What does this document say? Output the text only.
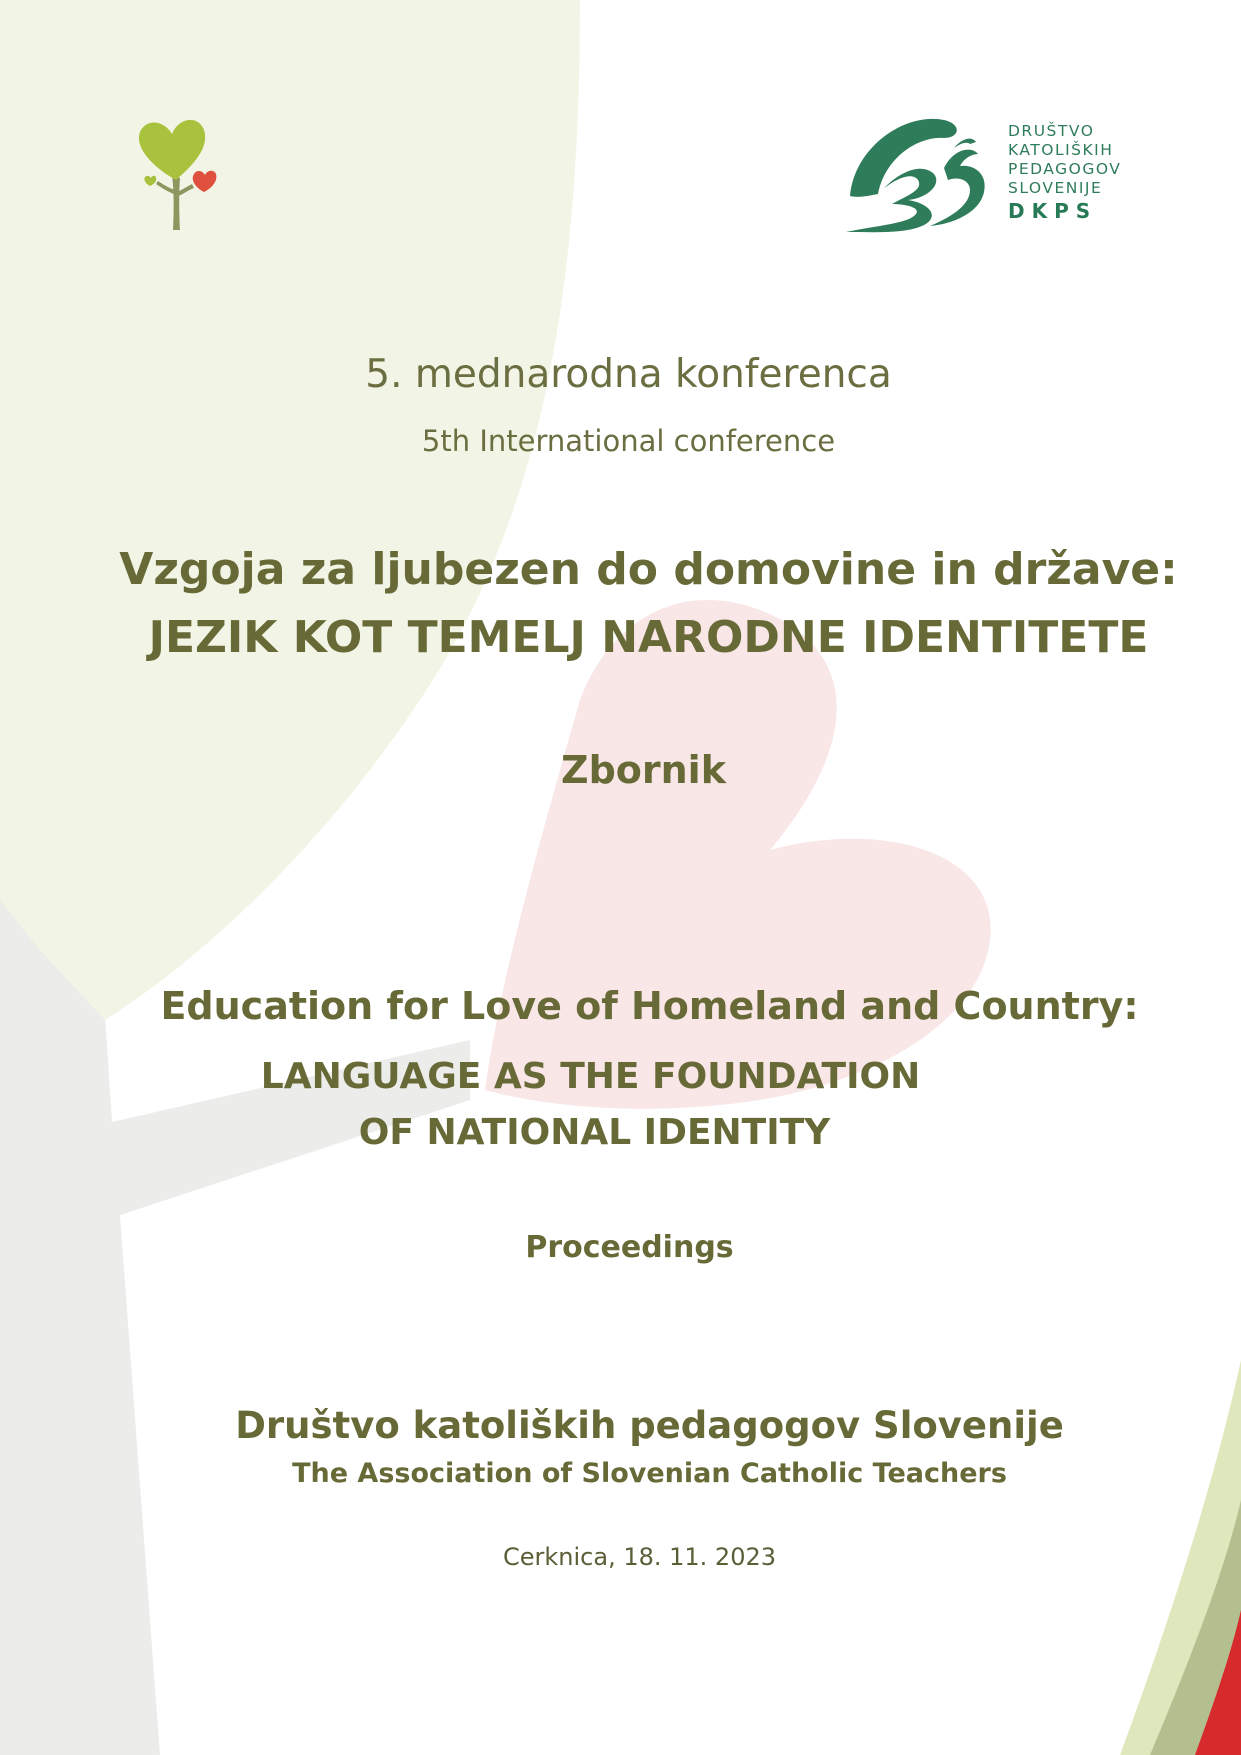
DRUŠTVO
KATOLIŠKIH
PEDAGOGOV
SLOVENIJE
DKPS
5. mednarodna konferenca
5th International conference
Vzgoja za ljubezen do domovine in države:
JEZIK KOT TEMELJ NARODNE IDENTITETE
Zbornik
Education for Love of Homeland and Country:
LANGUAGE AS THE FOUNDATION
OF NATIONAL IDENTITY
Proceedings
Društvo katoliških pedagogov Slovenije
The Association of Slovenian Catholic Teachers
Cerknica, 18. 11. 2023
